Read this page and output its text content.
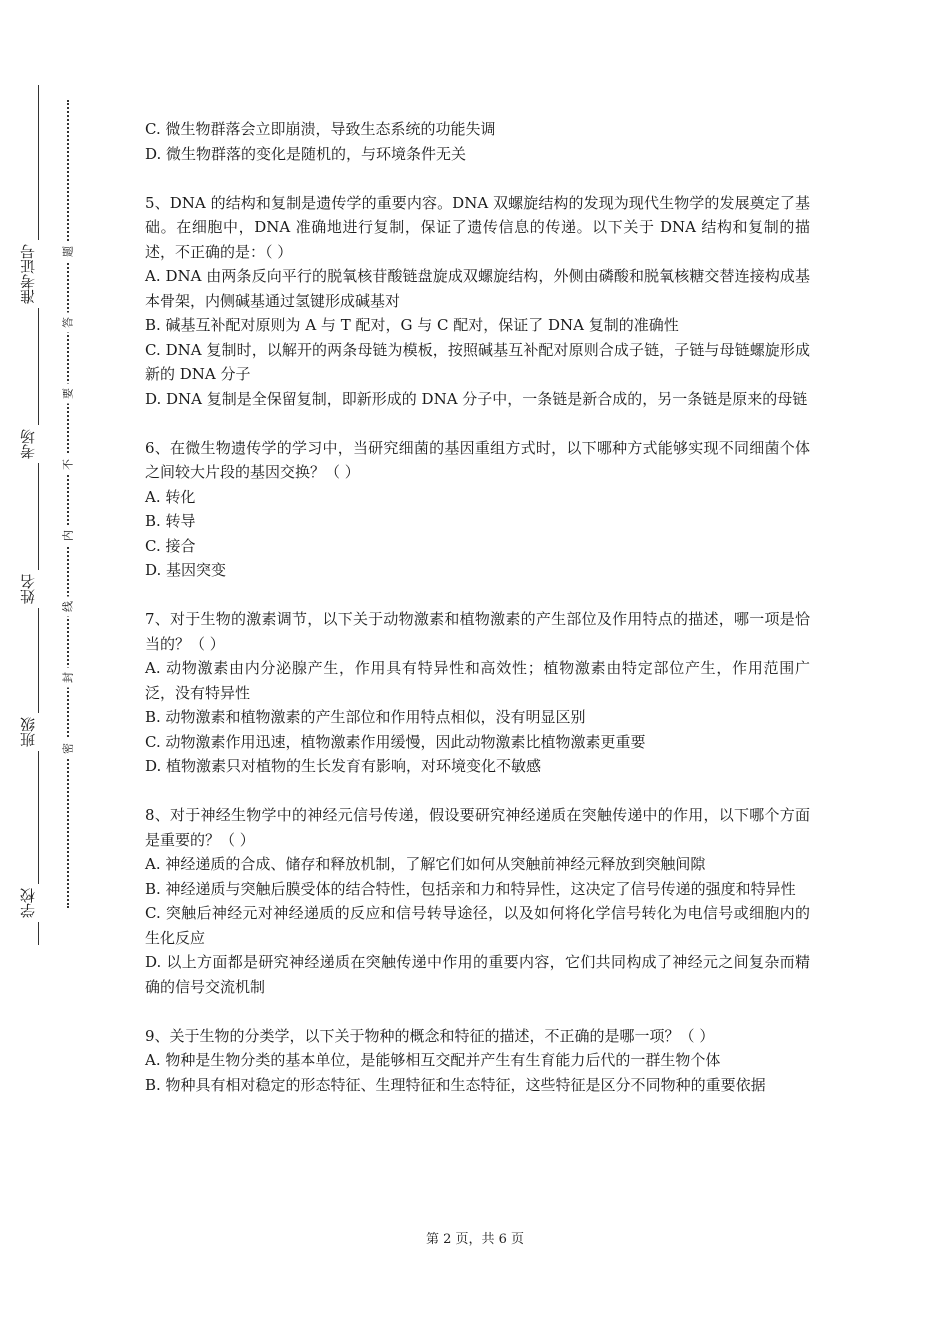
准考证号
考场
姓名
班级
学校
题
答
要
不
内
线
封
密

C. 微生物群落会立即崩溃，导致生态系统的功能失调

D. 微生物群落的变化是随机的，与环境条件无关

5、DNA 的结构和复制是遗传学的重要内容。DNA 双螺旋结构的发现为现代生物学的发展奠定了基础。在细胞中，DNA 准确地进行复制，保证了遗传信息的传递。以下关于 DNA 结构和复制的描述，不正确的是：（ ）

A. DNA 由两条反向平行的脱氧核苷酸链盘旋成双螺旋结构，外侧由磷酸和脱氧核糖交替连接构成基本骨架，内侧碱基通过氢键形成碱基对

B. 碱基互补配对原则为 A 与 T 配对，G 与 C 配对，保证了 DNA 复制的准确性

C. DNA 复制时，以解开的两条母链为模板，按照碱基互补配对原则合成子链，子链与母链螺旋形成新的 DNA 分子

D. DNA 复制是全保留复制，即新形成的 DNA 分子中，一条链是新合成的，另一条链是原来的母链

6、在微生物遗传学的学习中，当研究细菌的基因重组方式时，以下哪种方式能够实现不同细菌个体之间较大片段的基因交换？（ ）

A. 转化

B. 转导

C. 接合

D. 基因突变

7、对于生物的激素调节，以下关于动物激素和植物激素的产生部位及作用特点的描述，哪一项是恰当的？（ ）

A. 动物激素由内分泌腺产生，作用具有特异性和高效性；植物激素由特定部位产生，作用范围广泛，没有特异性

B. 动物激素和植物激素的产生部位和作用特点相似，没有明显区别

C. 动物激素作用迅速，植物激素作用缓慢，因此动物激素比植物激素更重要

D. 植物激素只对植物的生长发育有影响，对环境变化不敏感

8、对于神经生物学中的神经元信号传递，假设要研究神经递质在突触传递中的作用，以下哪个方面是重要的？（ ）

A. 神经递质的合成、储存和释放机制，了解它们如何从突触前神经元释放到突触间隙

B. 神经递质与突触后膜受体的结合特性，包括亲和力和特异性，这决定了信号传递的强度和特异性

C. 突触后神经元对神经递质的反应和信号转导途径，以及如何将化学信号转化为电信号或细胞内的生化反应

D. 以上方面都是研究神经递质在突触传递中作用的重要内容，它们共同构成了神经元之间复杂而精确的信号交流机制

9、关于生物的分类学，以下关于物种的概念和特征的描述，不正确的是哪一项？（ ）

A. 物种是生物分类的基本单位，是能够相互交配并产生有生育能力后代的一群生物个体

B. 物种具有相对稳定的形态特征、生理特征和生态特征，这些特征是区分不同物种的重要依据

第 2 页，共 6 页
